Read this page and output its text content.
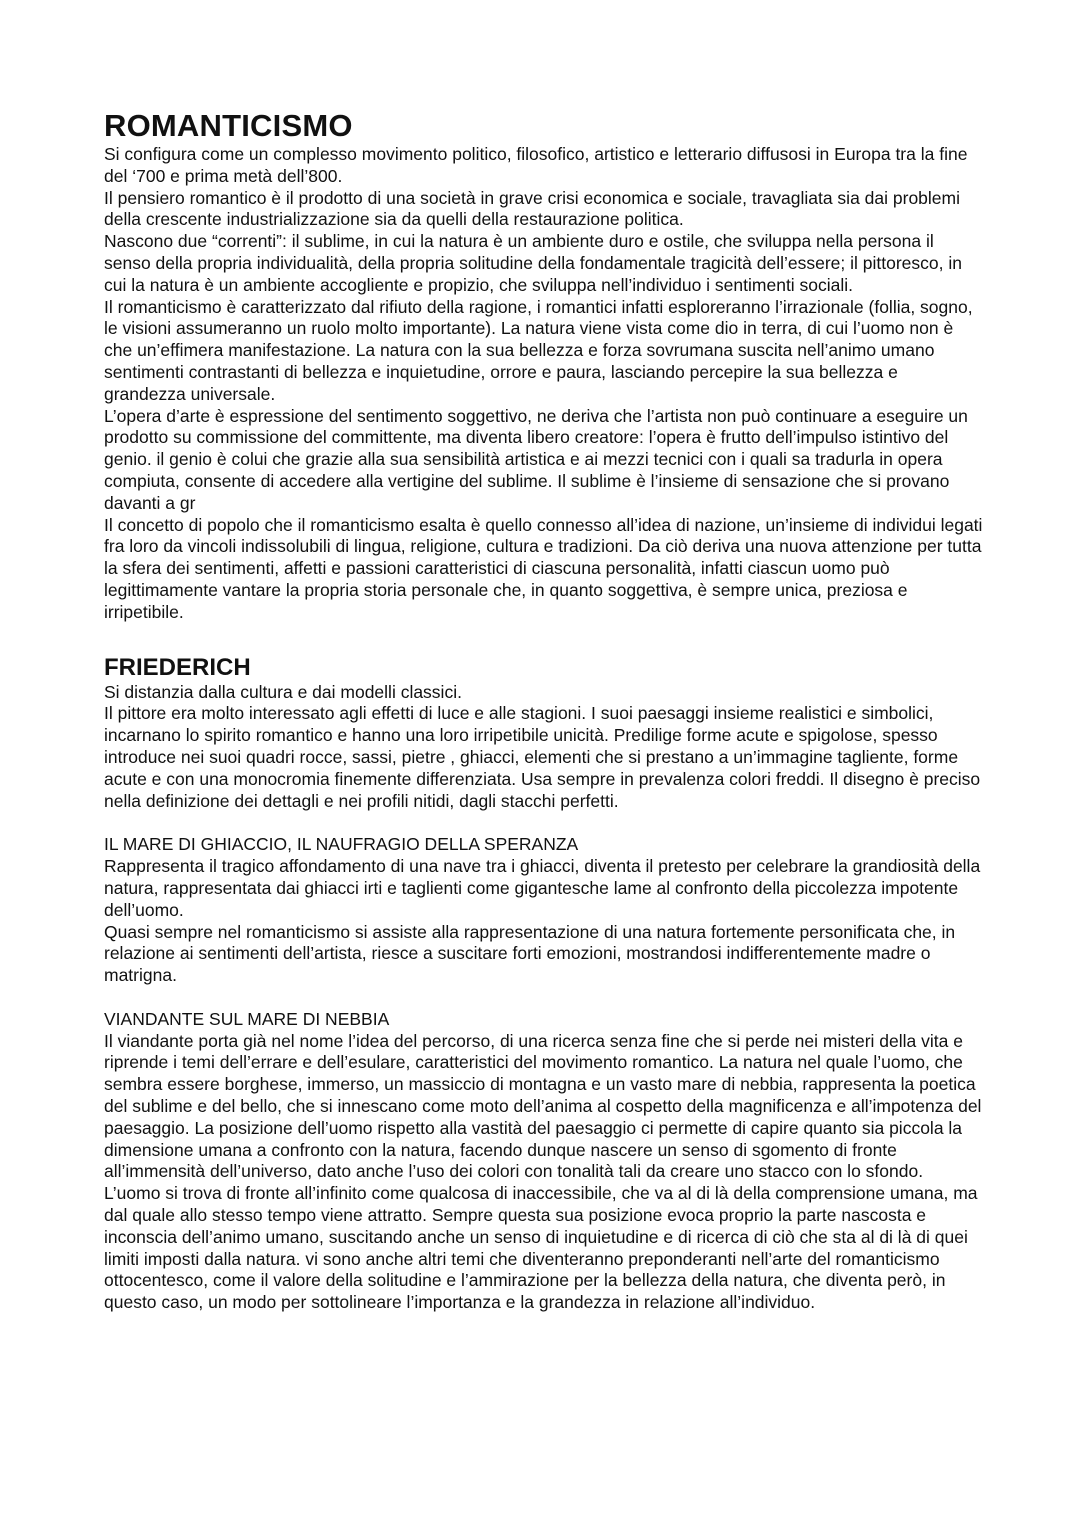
ROMANTICISMO

Si configura come un complesso movimento politico, filosofico, artistico e letterario diffusosi in Europa tra la fine del ‘700 e prima metà dell’800.

Il pensiero romantico è il prodotto di una società in grave crisi economica e sociale, travagliata sia dai problemi della crescente industrializzazione sia da quelli della restaurazione politica.

Nascono due “correnti”: il sublime, in cui la natura è un ambiente duro e ostile, che sviluppa nella persona il senso della propria individualità, della propria solitudine della fondamentale tragicità dell’essere; il pittoresco, in cui la natura è un ambiente accogliente e propizio, che sviluppa nell’individuo i sentimenti sociali.

Il romanticismo è caratterizzato dal rifiuto della ragione, i romantici infatti esploreranno l’irrazionale (follia, sogno, le visioni assumeranno un ruolo molto importante). La natura viene vista come dio in terra, di cui l’uomo non è che un’effimera manifestazione. La natura con la sua bellezza e forza sovrumana suscita nell’animo umano sentimenti contrastanti di bellezza e inquietudine, orrore e paura, lasciando percepire la sua bellezza e grandezza universale.

L’opera d’arte è espressione del sentimento soggettivo, ne deriva che l’artista non può continuare a eseguire un prodotto su commissione del committente, ma diventa libero creatore: l’opera è frutto dell’impulso istintivo del genio. il genio è colui che grazie alla sua sensibilità artistica e ai mezzi tecnici con i quali sa tradurla in opera compiuta, consente di accedere alla vertigine del sublime. Il sublime è l’insieme di sensazione che si provano davanti a gr

Il concetto di popolo che il romanticismo esalta è quello connesso all’idea di nazione, un’insieme di individui legati fra loro da vincoli indissolubili di lingua, religione, cultura e tradizioni. Da ciò deriva una nuova attenzione per tutta la sfera dei sentimenti, affetti e passioni caratteristici di ciascuna personalità, infatti ciascun uomo può legittimamente vantare la propria storia personale che, in quanto soggettiva, è sempre unica, preziosa e irripetibile.

FRIEDERICH

Si distanzia dalla cultura e dai modelli classici.

Il pittore era molto interessato agli effetti di luce e alle stagioni. I suoi paesaggi insieme realistici e simbolici, incarnano lo spirito romantico e hanno una loro irripetibile unicità. Predilige forme acute e spigolose, spesso introduce nei suoi quadri rocce, sassi, pietre , ghiacci, elementi che si prestano a un’immagine tagliente, forme acute e con una monocromia finemente differenziata. Usa sempre in prevalenza colori freddi. Il disegno è preciso nella definizione dei dettagli e nei profili nitidi, dagli stacchi perfetti.

IL MARE DI GHIACCIO, IL NAUFRAGIO DELLA SPERANZA

Rappresenta il tragico affondamento di una nave tra i ghiacci, diventa il pretesto per celebrare la grandiosità della natura, rappresentata dai ghiacci irti e taglienti come gigantesche lame al confronto della piccolezza impotente dell’uomo.

Quasi sempre nel romanticismo si assiste alla rappresentazione di una natura fortemente personificata che, in relazione ai sentimenti dell’artista, riesce a suscitare forti emozioni, mostrandosi indifferentemente madre o matrigna.

VIANDANTE SUL MARE DI NEBBIA

Il viandante porta già nel nome l’idea del percorso, di una ricerca senza fine che si perde nei misteri della vita e riprende i temi dell’errare e dell’esulare, caratteristici del movimento romantico. La natura nel quale l’uomo, che sembra essere borghese, immerso, un massiccio di montagna e un vasto mare di nebbia, rappresenta la poetica del sublime e del bello, che si innescano come moto dell’anima al cospetto della magnificenza e all’impotenza del paesaggio. La posizione dell’uomo rispetto alla vastità del paesaggio ci permette di capire quanto sia piccola la dimensione umana a confronto con la natura, facendo dunque nascere un senso di sgomento di fronte all’immensità dell’universo, dato anche l’uso dei colori con tonalità tali da creare uno stacco con lo sfondo.

L’uomo si trova di fronte all’infinito come qualcosa di inaccessibile, che va al di là della comprensione umana, ma dal quale allo stesso tempo viene attratto. Sempre questa sua posizione evoca proprio la parte nascosta e inconscia dell’animo umano, suscitando anche un senso di inquietudine e di ricerca di ciò che sta al di là di quei limiti imposti dalla natura. vi sono anche altri temi che diventeranno preponderanti nell’arte del romanticismo ottocentesco, come il valore della solitudine e l’ammirazione per la bellezza della natura, che diventa però, in questo caso, un modo per sottolineare l’importanza e la grandezza in relazione all’individuo.
